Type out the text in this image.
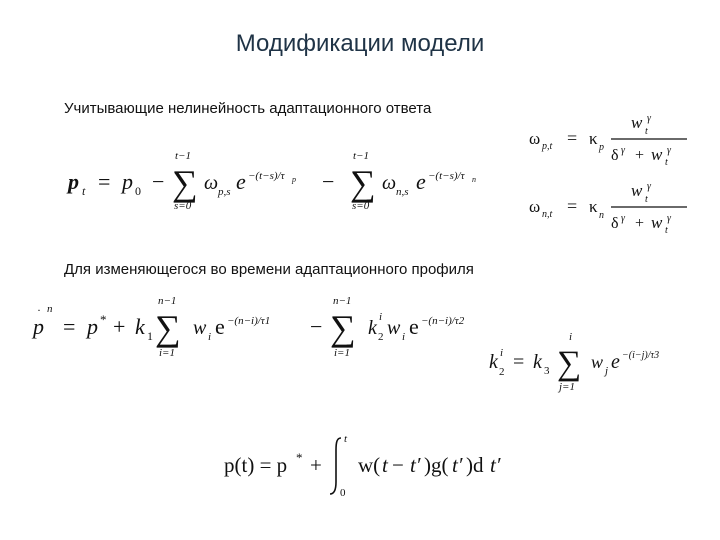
Модификации модели
Учитывающие нелинейность адаптационного ответа
Для изменяющегося во времени адаптационного профиля
p t = p 0 −
t−1
∑
s=0
ω p,s e −(t−s)/τ p −
t−1
∑
s=0
ω n,s e −(t−s)/τ n
ω p,t = κ p
w t
γ
δ γ + w t
γ
ω n,t = κ n
w t
γ
δ γ + w t
γ
p
· n
= p * + k 1
n−1
∑
i=1
w i e −(n−i)/τ1 −
n−1
∑
i=1
k i
2 w i e −(n−i)/τ2
k i
2 = k 3
i
∑
j=1
w j e −(i−j)/τ3
p(t) = p * +
t
0
w( t − t′ )g( t′ )d t′
